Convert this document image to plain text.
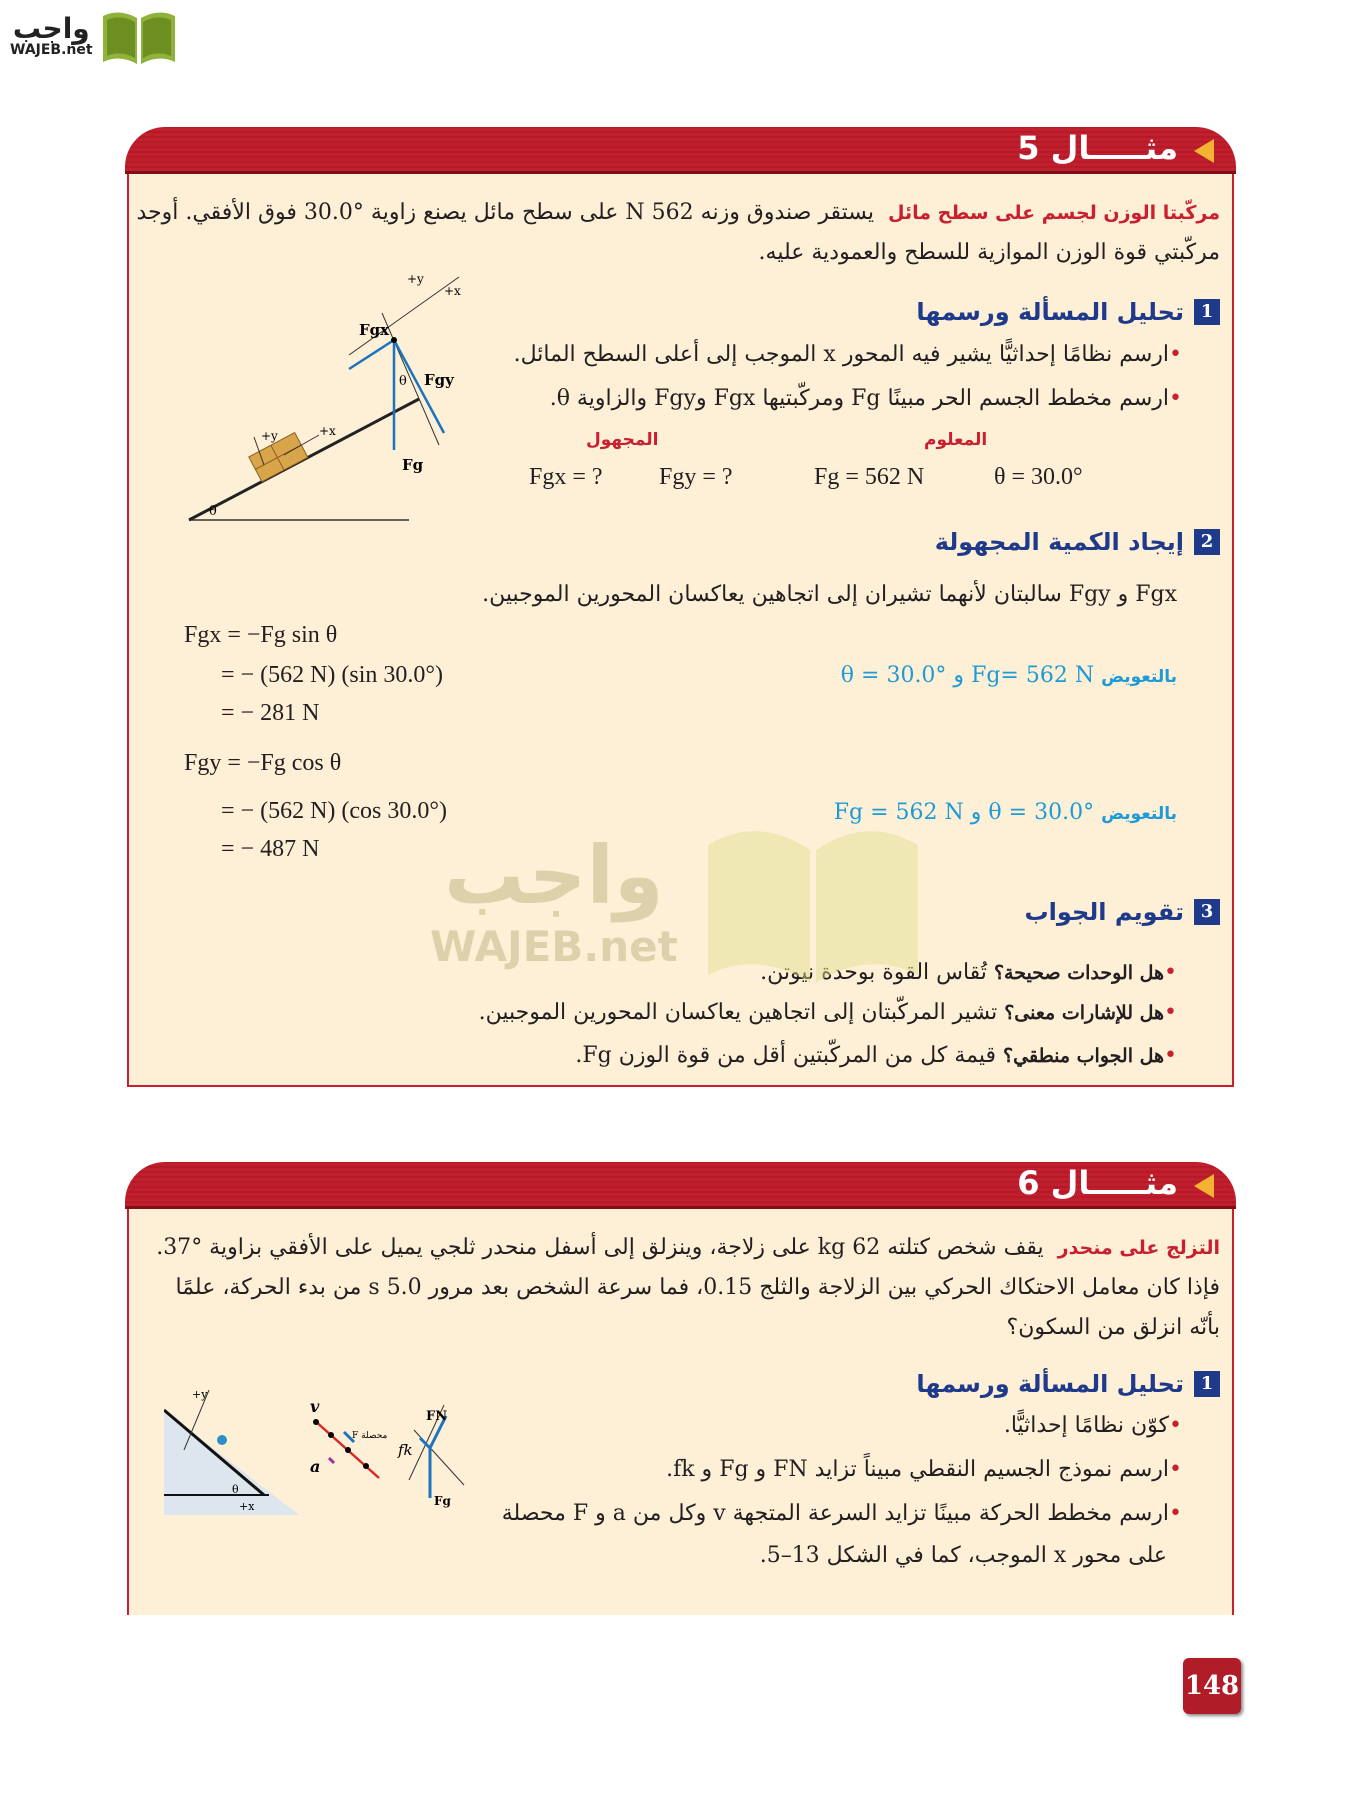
واجب
WAJEB.net
مركّبتا الوزن لجسم على سطح مائل  يستقر صندوق وزنه 562 N على سطح مائل يصنع زاوية °30.0 فوق الأفقي. أوجد
مركّبتي قوة الوزن الموازية للسطح والعمودية عليه.
1
تحليل المسألة ورسمها
•ارسم نظامًا إحداثيًّا يشير فيه المحور x الموجب إلى أعلى السطح المائل.
•ارسم مخطط الجسم الحر مبينًا Fg ومركّبتيها Fgx وFgy والزاوية θ.
المجهول	المعلوم
Fgx = ? Fgy = ?	Fg = 562 N	θ = 30.0°
+y	+x
θ
+y
+x
Fgx
Fgy
Fg
θ
2
إيجاد الكمية المجهولة
Fgx و Fgy سالبتان لأنهما تشيران إلى اتجاهين يعاكسان المحورين الموجبين.
Fgx = −Fg sin θ
= − (562 N) (sin 30.0°)
= − 281 N
Fgy = −Fg cos θ
= − (562 N) (cos 30.0°)
= − 487 N
بالتعويض Fg= 562 N و θ = 30.0°
بالتعويض θ = 30.0° و Fg = 562 N
3
تقويم الجواب
•هل الوحدات صحيحة؟ تُقاس القوة بوحدة نيوتن.
•هل للإشارات معنى؟ تشير المركّبتان إلى اتجاهين يعاكسان المحورين الموجبين.
•هل الجواب منطقي؟ قيمة كل من المركّبتين أقل من قوة الوزن Fg.
مثـــــال 5
واجب
WAJEB.net
التزلج على منحدر  يقف شخص كتلته 62 kg على زلاجة، وينزلق إلى أسفل منحدر ثلجي يميل على الأفقي بزاوية °37.
فإذا كان معامل الاحتكاك الحركي بين الزلاجة والثلج 0.15، فما سرعة الشخص بعد مرور 5.0 s من بدء الحركة، علمًا
بأنّه انزلق من السكون؟
1
تحليل المسألة ورسمها
•كوّن نظامًا إحداثيًّا.
•ارسم نموذج الجسيم النقطي مبيناً تزايد FN و Fg و fk.
•ارسم مخطط الحركة مبينًا تزايد السرعة المتجهة v وكل من a و F محصلة
على محور x الموجب، كما في الشكل 13–5.
+y
+x
θ
v
a
F محصلة
FN
fk
Fg
مثـــــال 6
148
